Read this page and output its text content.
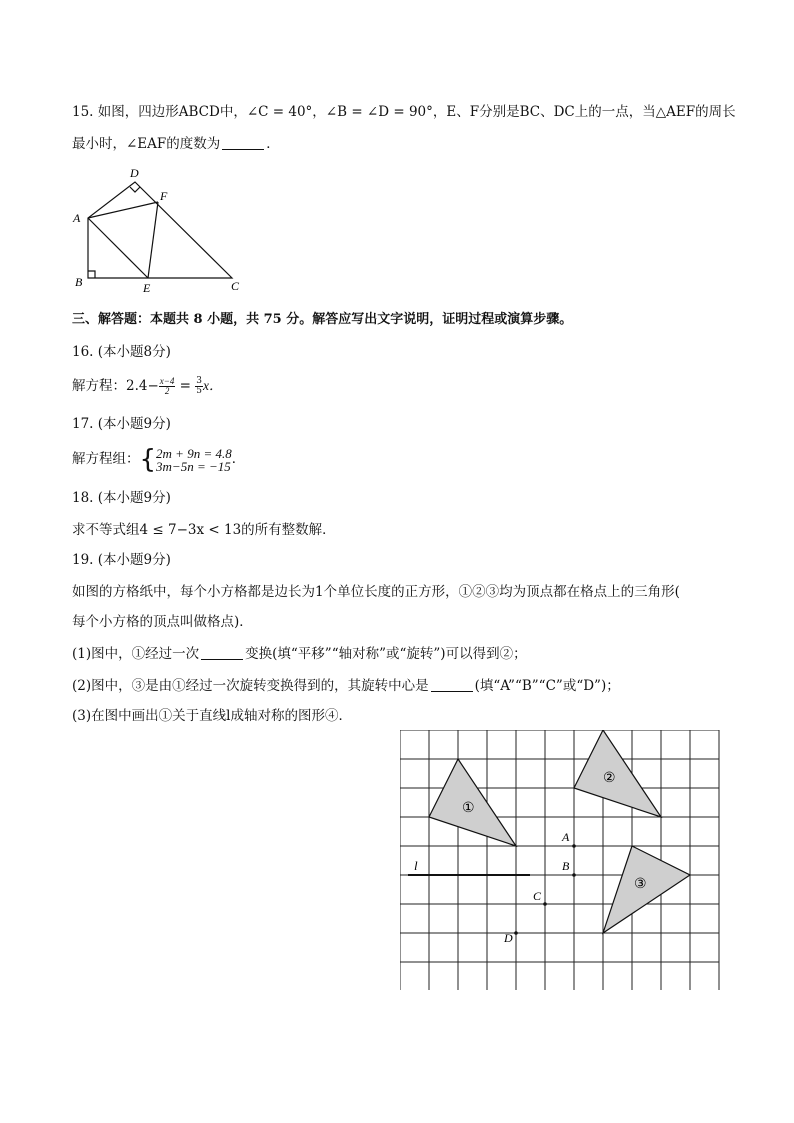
15. 如图，四边形ABCD中，∠C = 40°，∠B = ∠D = 90°，E、F分别是BC、DC上的一点，当△AEF的周长
最小时，∠EAF的度数为	．
D
F
A
B	E	C
三、解答题：本题共 8 小题，共 75 分。解答应写出文字说明，证明过程或演算步骤。
16. (本小题8分)
解方程：$2.4- \frac{x-4}{2} = \frac{3}{5}$ x．
17. (本小题9分)
解方程组：{ 2m + 9n = 4.8
3m−5n = −15 ．
18. (本小题9分)
求不等式组4 ≤ 7−3x < 13的所有整数解．
19. (本小题9分)
如图的方格纸中，每个小方格都是边长为1个单位长度的正方形，①②③均为顶点都在格点上的三角形(
每个小方格的顶点叫做格点)．
(1)图中，①经过一次	变换(填“平移”“轴对称”或“旋转”)可以得到②；
(2)图中，③是由①经过一次旋转变换得到的，其旋转中心是	(填“A”“B”“C”或“D”)；
(3)在图中画出①关于直线l成轴对称的图形④．
l
A
B
C
D
①
②
③
